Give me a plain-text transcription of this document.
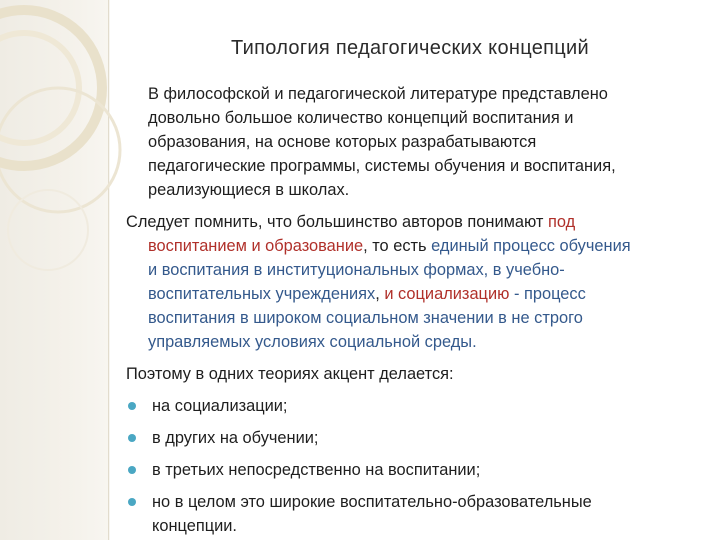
Типология педагогических концепций

В философской и педагогической литературе представлено

довольно большое количество концепций воспитания и
образования, на основе которых разрабатываются
педагогические программы, системы обучения и воспитания,
реализующиеся в школах.

Следует помнить, что большинство авторов понимают под
воспитанием и образование, то есть единый процесс обучения
и воспитания в институциональных формах, в учебно-
воспитательных учреждениях, и социализацию - процесс
воспитания в широком социальном значении в не строго
управляемых условиях социальной среды.

Поэтому в одних теориях акцент делается:

на социализации;
в других на обучении;
в третьих непосредственно на воспитании;
но в целом это широкие воспитательно-образовательные
концепции.
